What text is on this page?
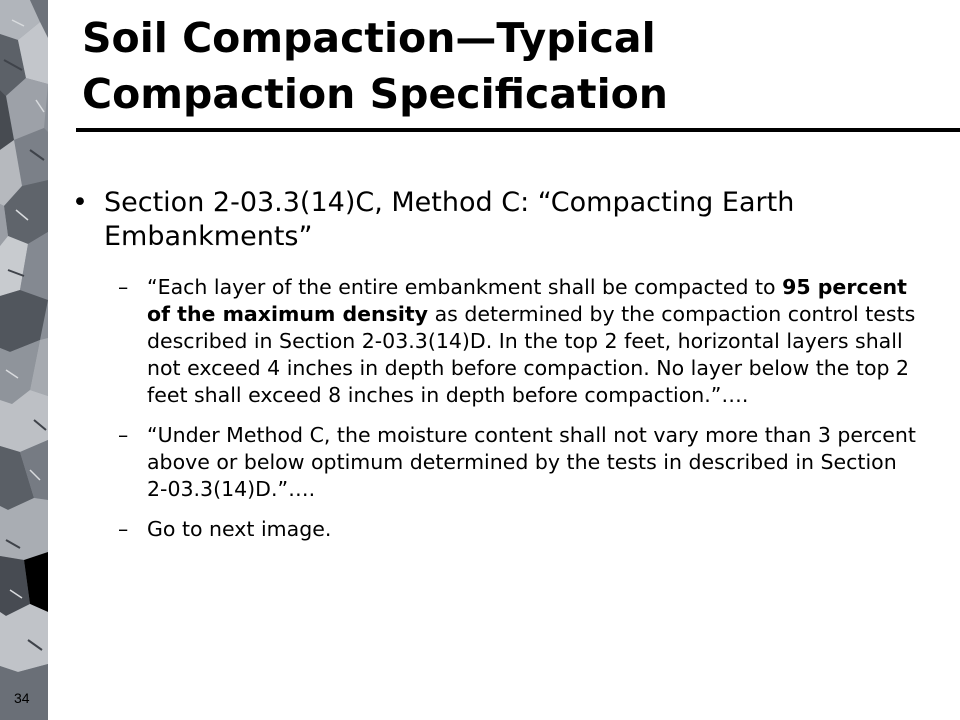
34
Soil Compaction—Typical
Compaction Specification
• Section 2-03.3(14)C, Method C: “Compacting Earth Embankments”
– “Each layer of the entire embankment shall be compacted to 95 percent of the maximum density as determined by the compaction control tests described in Section 2-03.3(14)D. In the top 2 feet, horizontal layers shall not exceed 4 inches in depth before compaction. No layer below the top 2 feet shall exceed 8 inches in depth before compaction.”….
– “Under Method C, the moisture content shall not vary more than 3 percent above or below optimum determined by the tests in described in Section 2-03.3(14)D.”….
– Go to next image.
